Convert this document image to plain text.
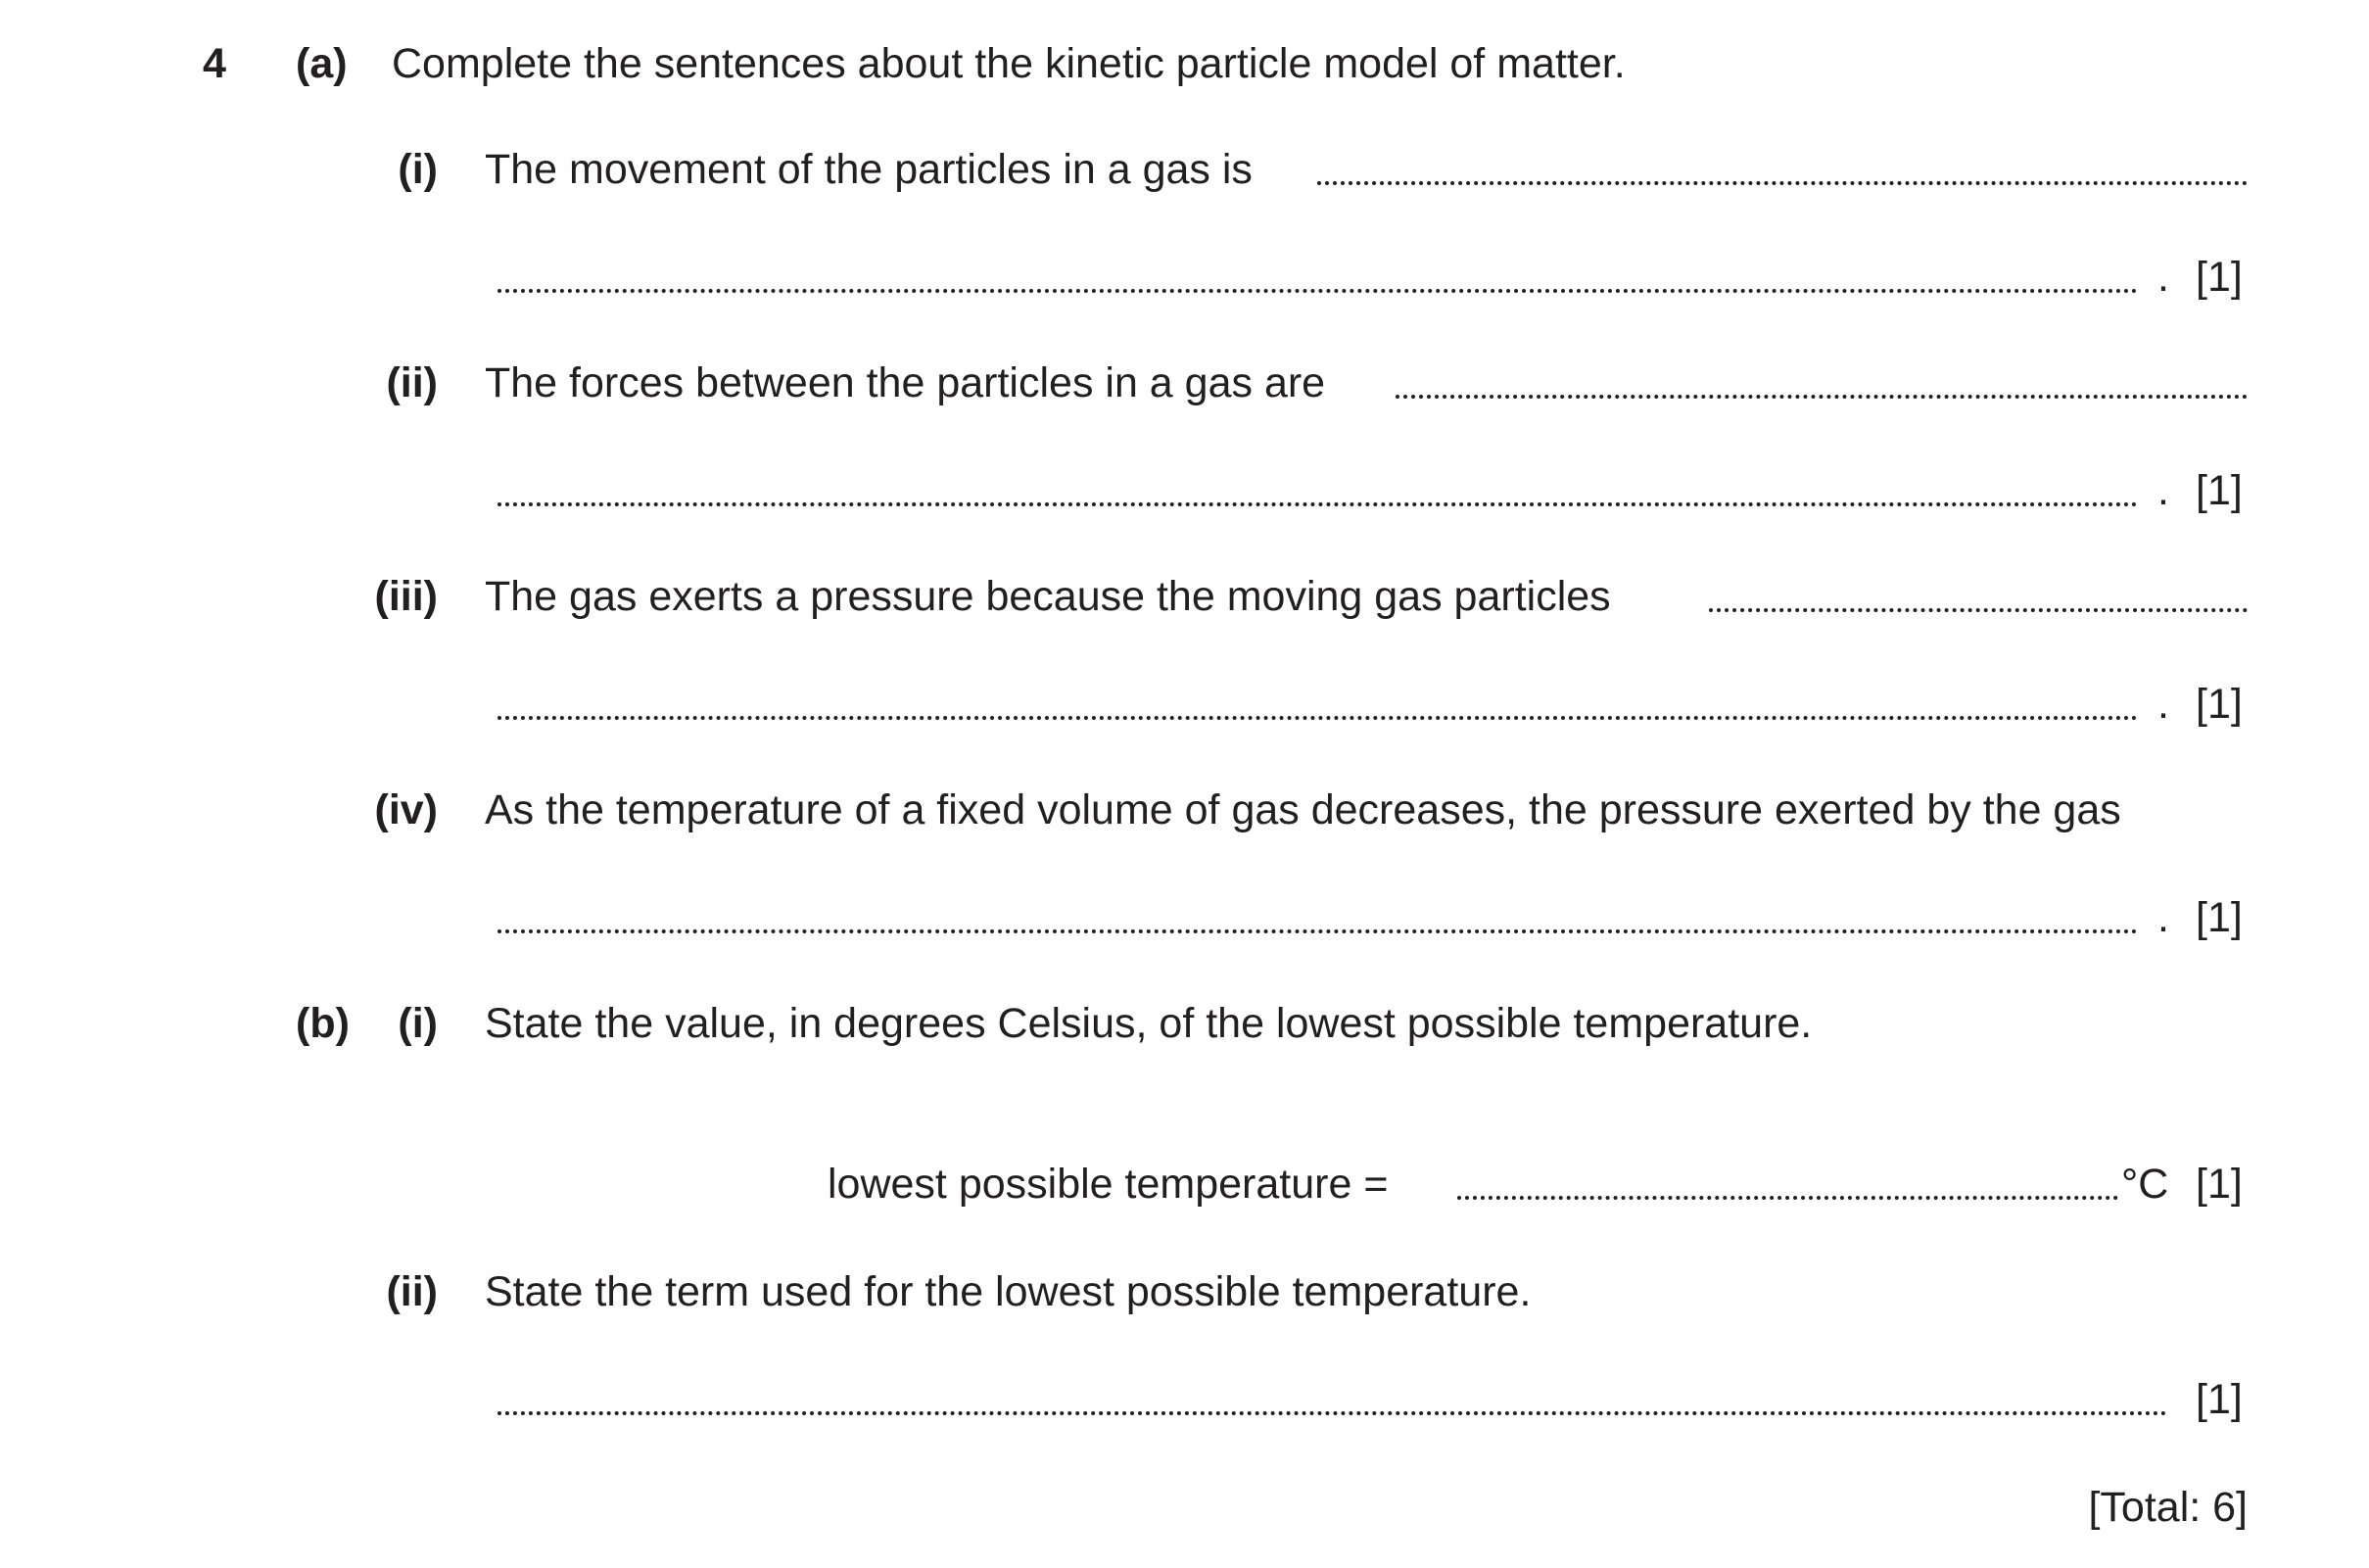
4 (a) Complete the sentences about the kinetic particle model of matter.
(i) The movement of the particles in a gas is
. [1]
(ii) The forces between the particles in a gas are
. [1]
(iii) The gas exerts a pressure because the moving gas particles
. [1]
(iv) As the temperature of a fixed volume of gas decreases, the pressure exerted by the gas
. [1]
(b) (i) State the value, in degrees Celsius, of the lowest possible temperature.
lowest possible temperature =	°C [1]
(ii) State the term used for the lowest possible temperature.
[1]
[Total: 6]
